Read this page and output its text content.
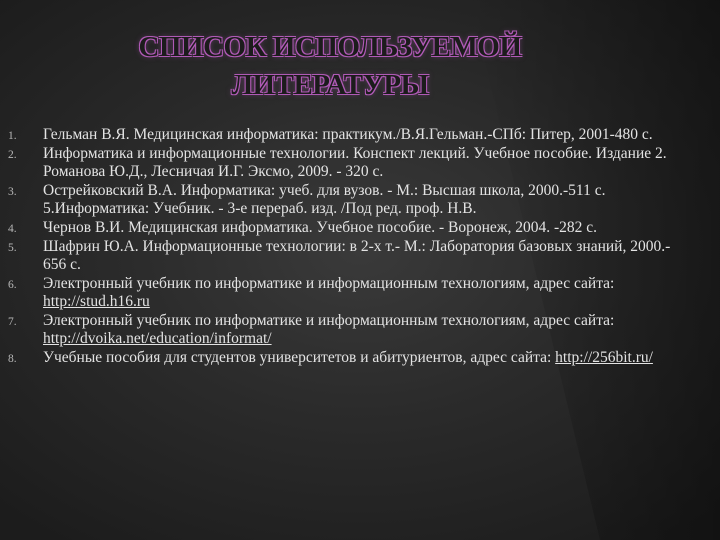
СПИСОК ИСПОЛЬЗУЕМОЙ
ЛИТЕРАТУРЫ
1.	Гельман В.Я. Медицинская информатика: практикум./В.Я.Гельман.-СПб: Питер, 2001-480 с.
2.	Информатика и информационные технологии. Конспект лекций. Учебное пособие. Издание 2. Романова Ю.Д., Лесничая И.Г. Эксмо, 2009. - 320 с.
3.	Острейковский В.А. Информатика: учеб. для вузов. - М.: Высшая школа, 2000.-511 с. 5.Информатика: Учебник. - 3-е перераб. изд. /Под ред. проф. Н.В.
4.	Чернов В.И. Медицинская информатика. Учебное пособие. - Воронеж, 2004. -282 с.
5.	Шафрин Ю.А. Информационные технологии: в 2-х т.- М.: Лаборатория базовых знаний, 2000.- 656 с.
6.	Электронный учебник по информатике и информационным технологиям, адрес сайта: http://stud.h16.ru
7.	Электронный учебник по информатике и информационным технологиям, адрес сайта: http://dvoika.net/education/informat/
8.	Учебные пособия для студентов университетов и абитуриентов, адрес сайта: http://256bit.ru/
